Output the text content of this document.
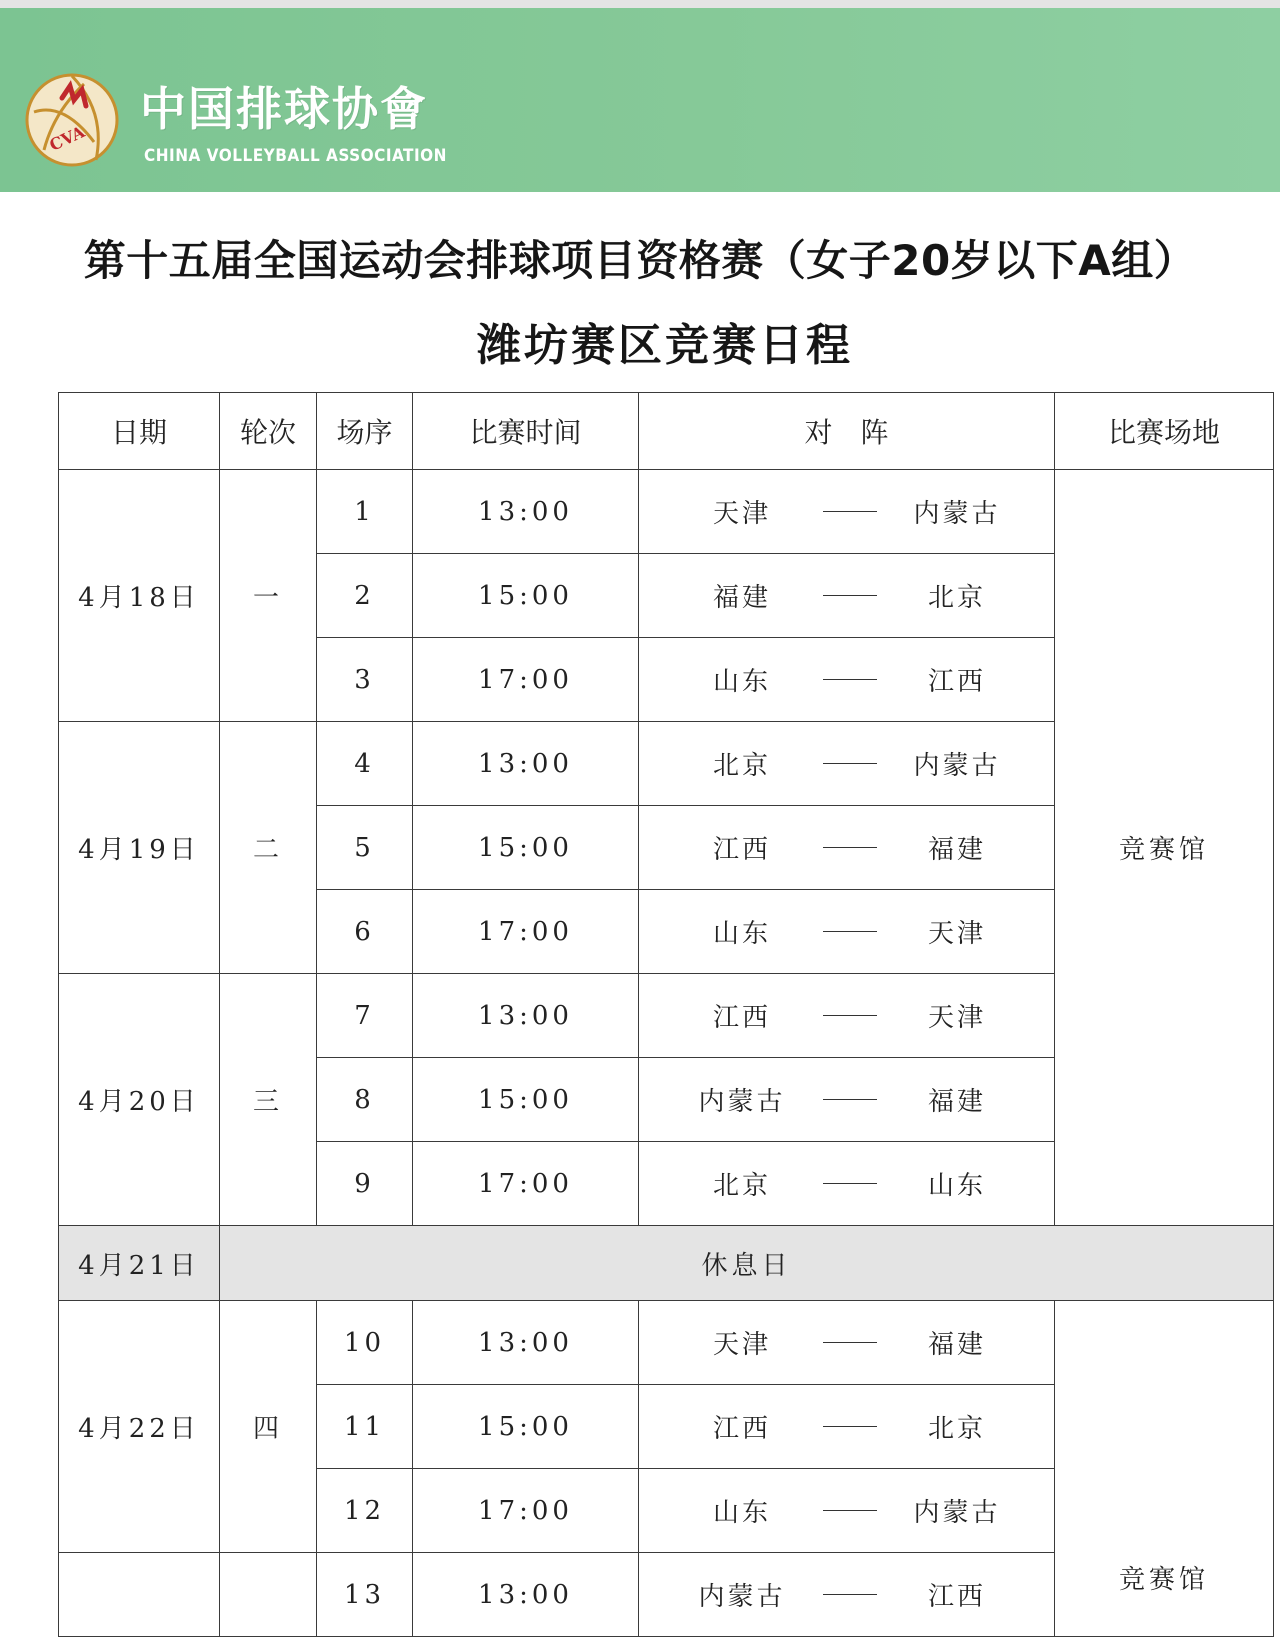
CVA
中国排球协會
CHINA VOLLEYBALL ASSOCIATION
第十五届全国运动会排球项目资格赛（女子20岁以下A组）
潍坊赛区竞赛日程
日期	轮次	场序	比赛时间	对　阵	比赛场地
4月18日	一	1	13:00	天津 内蒙古	竞赛馆
		2	15:00	福建 北京	

		3	17:00	山东 江西	

4月19日	二	4	13:00	北京 内蒙古	

		5	15:00	江西 福建	

		6	17:00	山东 天津	

4月20日	三	7	13:00	江西 天津	

		8	15:00	内蒙古 福建	

		9	17:00	北京 山东	

4月21日	休息日				
4月22日	四	10	13:00	天津 福建	竞赛馆
		11	15:00	江西 北京	

		12	17:00	山东 内蒙古	

		13	13:00	内蒙古 江西	
